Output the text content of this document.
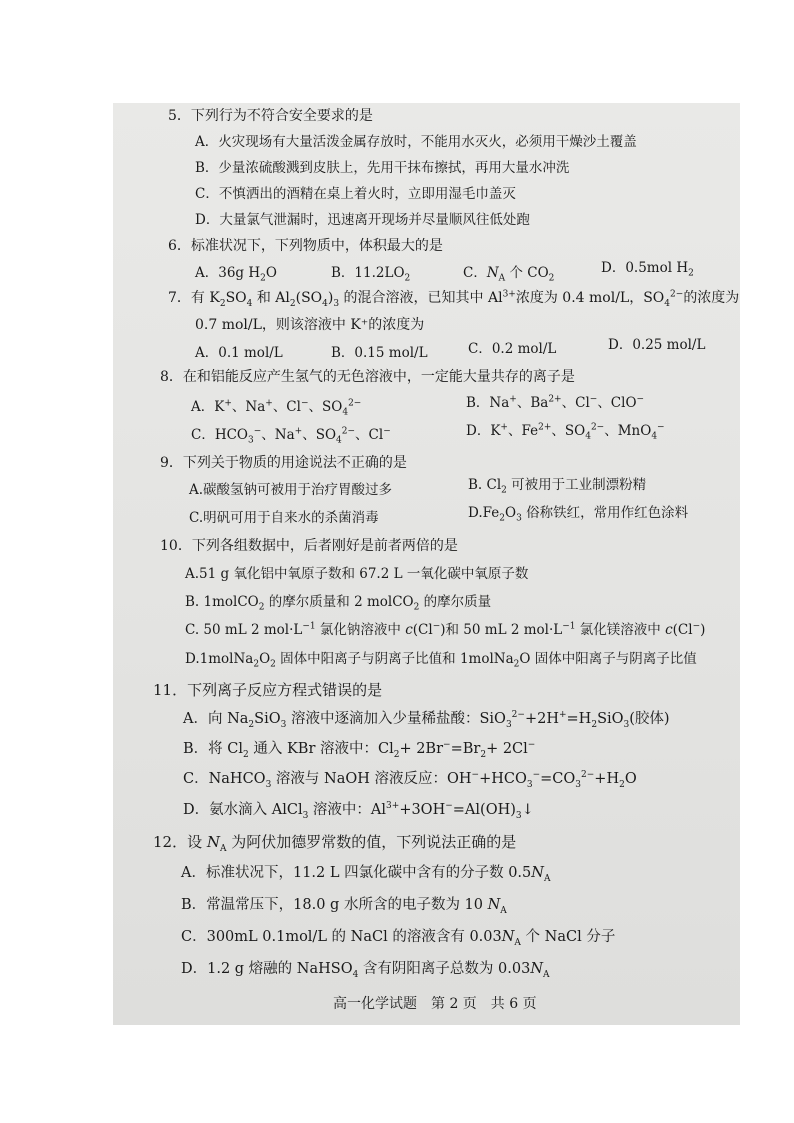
5．下列行为不符合安全要求的是
A．火灾现场有大量活泼金属存放时，不能用水灭火，必须用干燥沙土覆盖
B．少量浓硫酸溅到皮肤上，先用干抹布擦拭，再用大量水冲洗
C．不慎洒出的酒精在桌上着火时，立即用湿毛巾盖灭
D．大量氯气泄漏时，迅速离开现场并尽量顺风往低处跑
6．标准状况下，下列物质中，体积最大的是
A．36g $H_2O$	B．$11.2LO_2$	C．$N_A$ 个 $CO_2$
D．0.5mol $H_2$
7．有 $K_2SO_4$ 和 $Al_2(SO_4)_3$ 的混合溶液，已知其中 $Al^{3+}$浓度为 0.4 mol/L，$SO_4^{2-}$的浓度为
0.7 mol/L，则该溶液中 K⁺的浓度为
A．0.1 mol/L	B．0.15 mol/L	C．0.2 mol/L	D．0.25 mol/L
8．在和铝能反应产生氢气的无色溶液中，一定能大量共存的离子是
A．K+、Na+、Cl−、$SO_4^{2-}$	B．Na+、$Ba^{2+}$、Cl−、ClO−
C．$HCO_3^-$、Na+、$SO_4^{2-}$、Cl−	D．K+、$Fe^{2+}$、$SO_4^{2-}$、MnO$_4$−
9．下列关于物质的用途说法不正确的是
A.碳酸氢钠可被用于治疗胃酸过多	B. $Cl_2$ 可被用于工业制漂粉精
C.明矾可用于自来水的杀菌消毒	$D.Fe_2O_3$ 俗称铁红，常用作红色涂料
10．下列各组数据中，后者刚好是前者两倍的是
A.51 g 氧化铝中氧原子数和 67.2 L 一氧化碳中氧原子数
B. 1molCO$_2$ 的摩尔质量和 2 molCO$_2$ 的摩尔质量
C. 50 mL 2 $mol\cdot L^{-1}$ 氯化钠溶液中 c(Cl−)和 50 mL 2 $mol\cdot L^{-1}$ 氯化镁溶液中 c(Cl−)
$D.1molNa_2O_2$ 固体中阳离子与阴离子比值和 1molNa$_2$O 固体中阳离子与阴离子比值
11．下列离子反应方程式错误的是
A．向 $Na_2SiO_3$ 溶液中逐滴加入少量稀盐酸：$SiO_3^{2-}+2H^+=H_2SiO_3$(胶体)
B．将 $Cl_2$ 通入 KBr 溶液中：$Cl_2+ 2Br^-=Br_2+ 2Cl^-$
C．NaHCO$_3$ 溶液与 NaOH 溶液反应：$OH^-+HCO_3^-=CO_3^{2-}+H_2O$
D．氨水滴入 AlCl$_3$ 溶液中：$Al^{3+}+3OH^-=Al(OH)_3↓$
12．设 $N_A$ 为阿伏加德罗常数的值，下列说法正确的是
A．标准状况下，11.2 L 四氯化碳中含有的分子数 $0.5N_A$
B．常温常压下，18.0 g 水所含的电子数为 10 $N_A$
C．300mL 0.1mol/L 的 NaCl 的溶液含有 $0.03N_A$ 个 NaCl 分子
D．1.2 g 熔融的 NaHSO$_4$ 含有阴阳离子总数为 $0.03N_A$
高一化学试题　第 2 页　共 6 页
